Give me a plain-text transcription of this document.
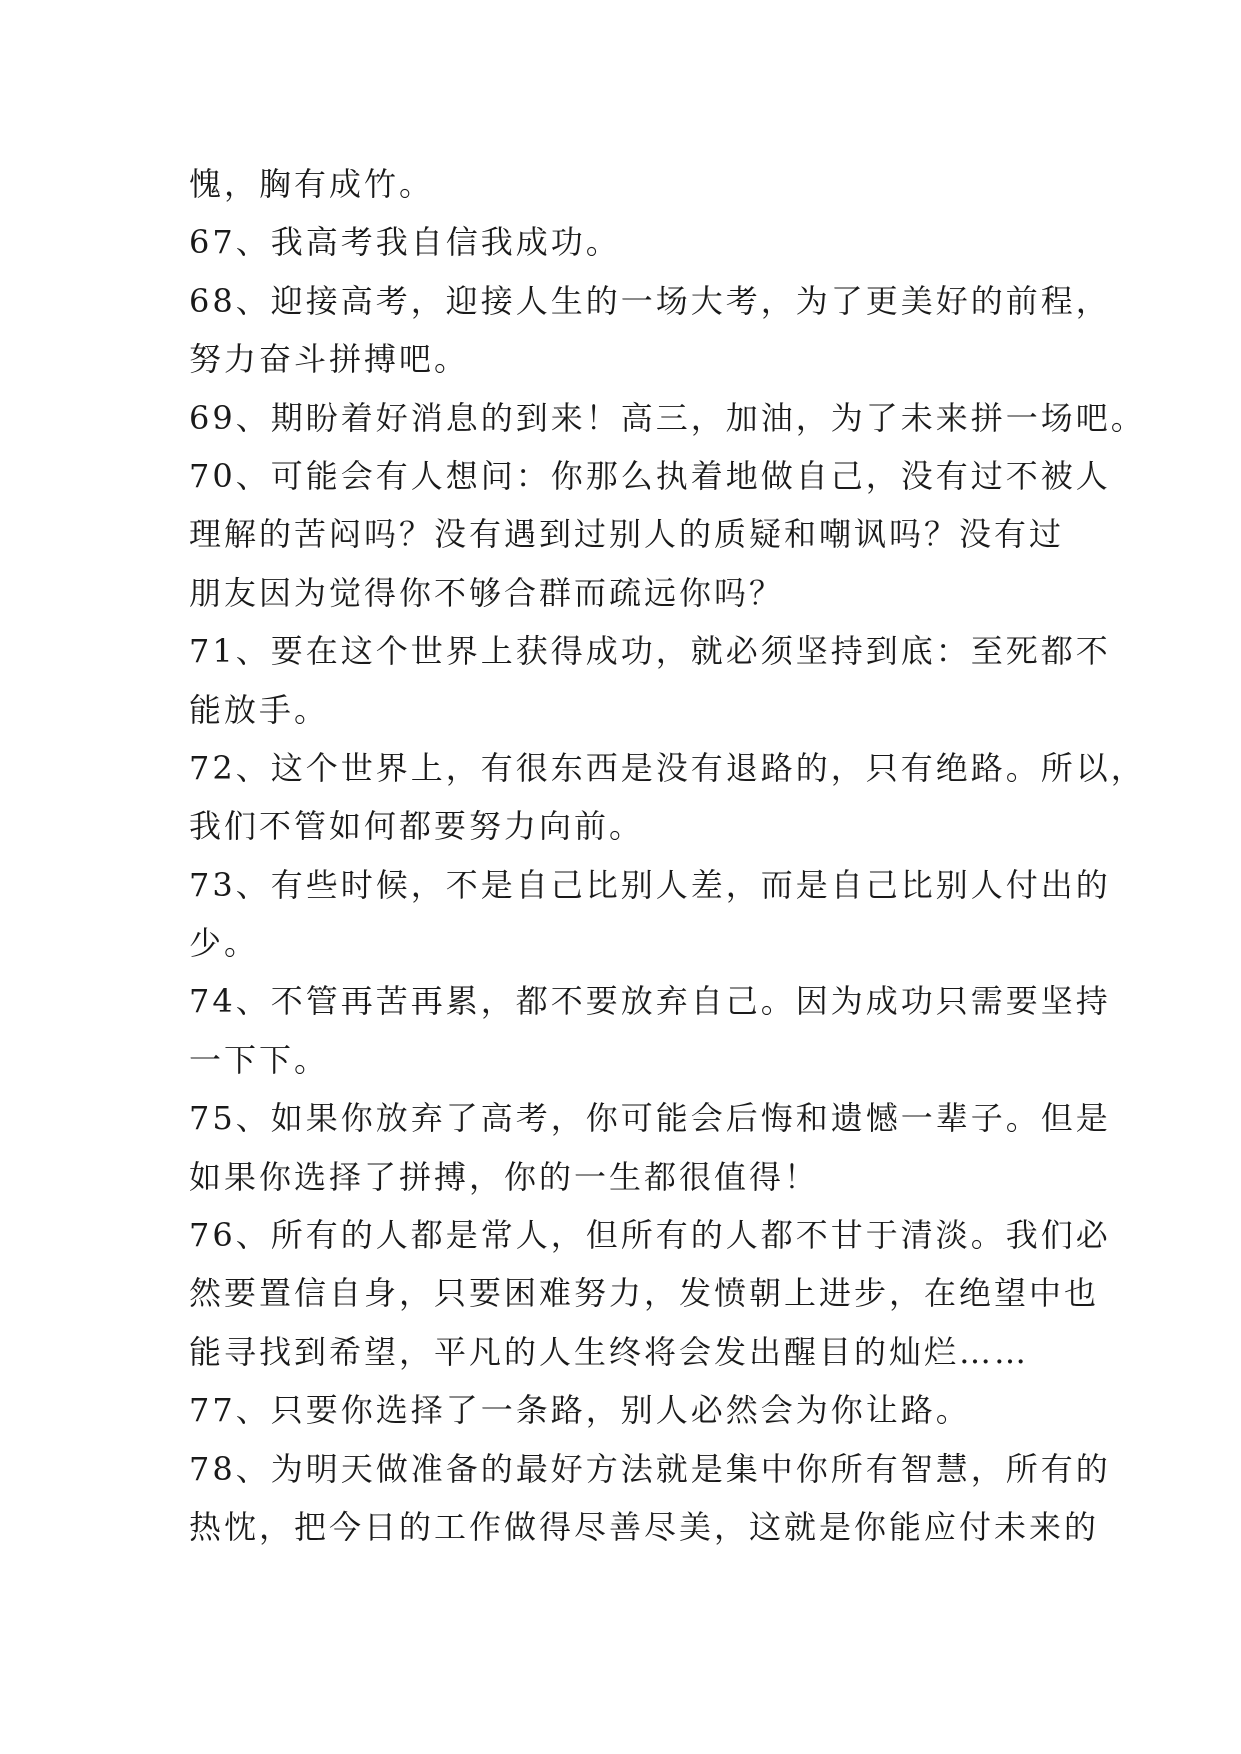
愧，胸有成竹。
67、我高考我自信我成功。
68、迎接高考，迎接人生的一场大考，为了更美好的前程，
努力奋斗拼搏吧。
69、期盼着好消息的到来！高三，加油，为了未来拼一场吧。
70、可能会有人想问：你那么执着地做自己，没有过不被人
理解的苦闷吗？没有遇到过别人的质疑和嘲讽吗？没有过
朋友因为觉得你不够合群而疏远你吗？
71、要在这个世界上获得成功，就必须坚持到底：至死都不
能放手。
72、这个世界上，有很东西是没有退路的，只有绝路。所以，
我们不管如何都要努力向前。
73、有些时候，不是自己比别人差，而是自己比别人付出的
少。
74、不管再苦再累，都不要放弃自己。因为成功只需要坚持
一下下。
75、如果你放弃了高考，你可能会后悔和遗憾一辈子。但是
如果你选择了拼搏，你的一生都很值得！
76、所有的人都是常人，但所有的人都不甘于清淡。我们必
然要置信自身，只要困难努力，发愤朝上进步，在绝望中也
能寻找到希望，平凡的人生终将会发出醒目的灿烂……
77、只要你选择了一条路，别人必然会为你让路。
78、为明天做准备的最好方法就是集中你所有智慧，所有的
热忱，把今日的工作做得尽善尽美，这就是你能应付未来的
